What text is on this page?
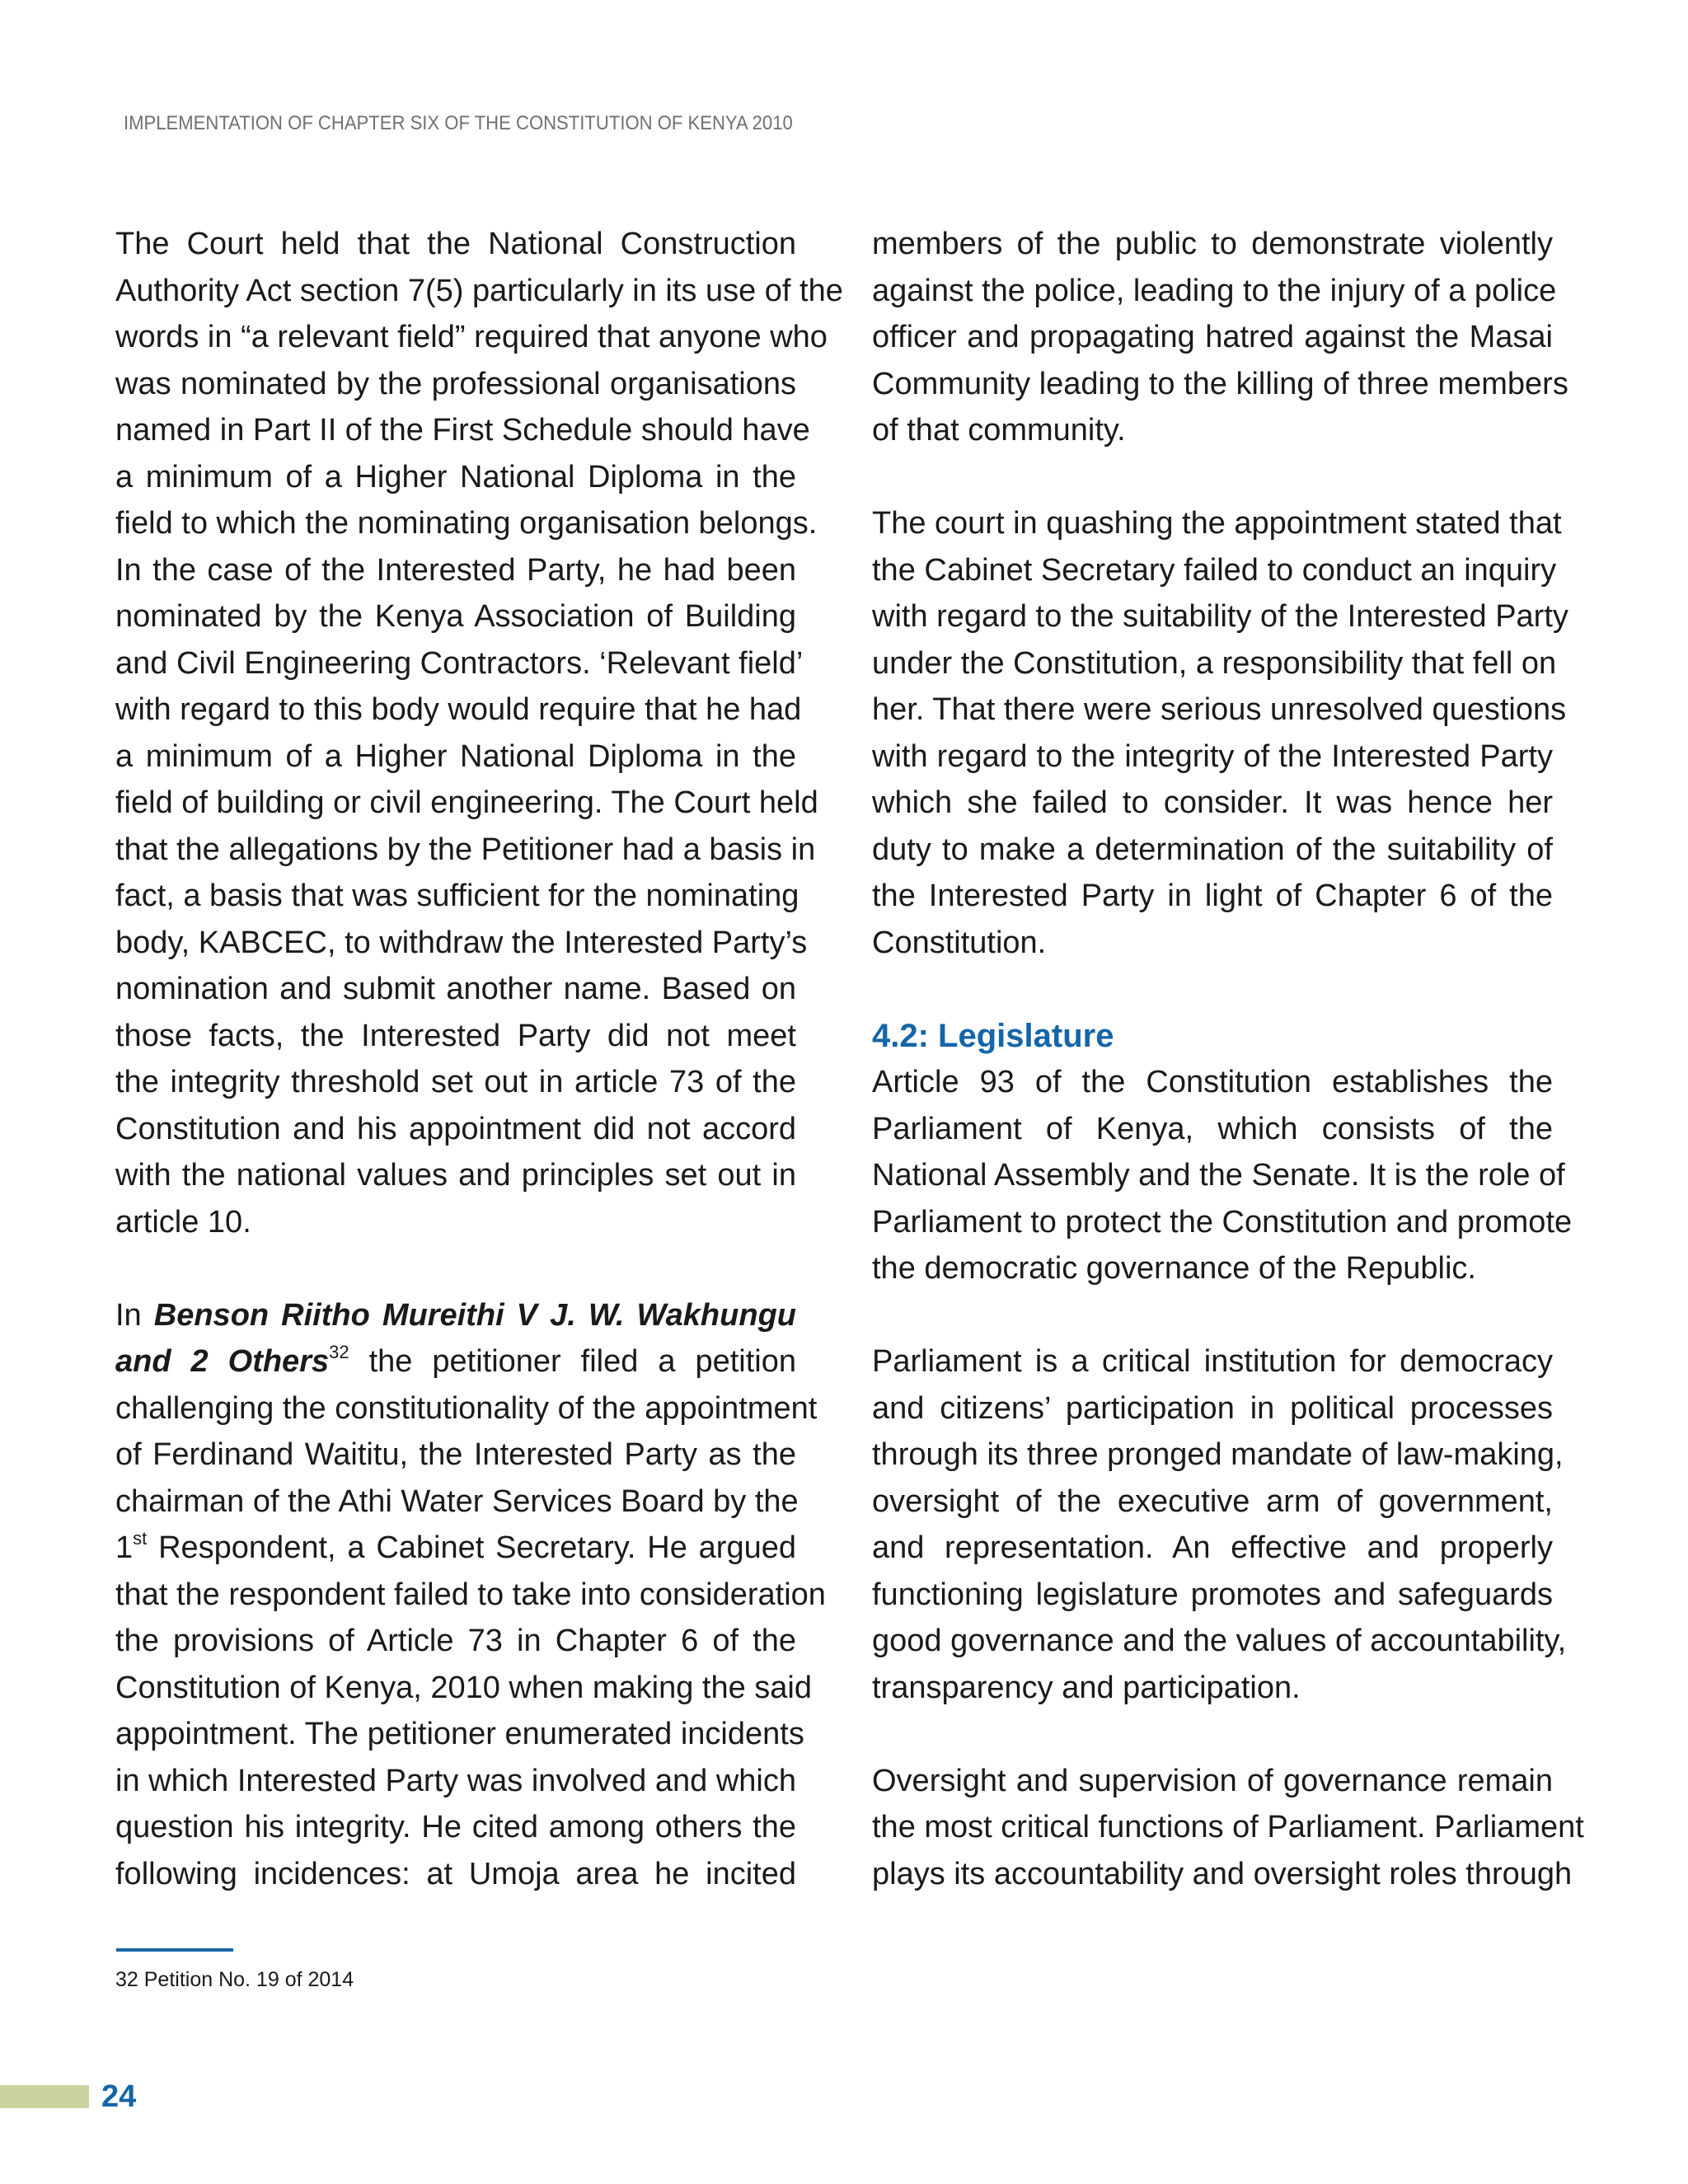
IMPLEMENTATION OF CHAPTER SIX OF THE CONSTITUTION OF KENYA 2010
The Court held that the National Construction
Authority Act section 7(5) particularly in its use of the
words in “a relevant field” required that anyone who
was nominated by the professional organisations
named in Part II of the First Schedule should have
a minimum of a Higher National Diploma in the
field to which the nominating organisation belongs.
In the case of the Interested Party, he had been
nominated by the Kenya Association of Building
and Civil Engineering Contractors. ‘Relevant field’
with regard to this body would require that he had
a minimum of a Higher National Diploma in the
field of building or civil engineering. The Court held
that the allegations by the Petitioner had a basis in
fact, a basis that was sufficient for the nominating
body, KABCEC, to withdraw the Interested Party’s
nomination and submit another name. Based on
those facts, the Interested Party did not meet
the integrity threshold set out in article 73 of the
Constitution and his appointment did not accord
with the national values and principles set out in
article 10.
In Benson Riitho Mureithi V J. W. Wakhungu
and 2 Others$^{32}$ the petitioner filed a petition
challenging the constitutionality of the appointment
of Ferdinand Waititu, the Interested Party as the
chairman of the Athi Water Services Board by the
1st Respondent, a Cabinet Secretary. He argued
that the respondent failed to take into consideration
the provisions of Article 73 in Chapter 6 of the
Constitution of Kenya, 2010 when making the said
appointment. The petitioner enumerated incidents
in which Interested Party was involved and which
question his integrity. He cited among others the
following incidences: at Umoja area he incited
members of the public to demonstrate violently
against the police, leading to the injury of a police
officer and propagating hatred against the Masai
Community leading to the killing of three members
of that community.
The court in quashing the appointment stated that
the Cabinet Secretary failed to conduct an inquiry
with regard to the suitability of the Interested Party
under the Constitution, a responsibility that fell on
her. That there were serious unresolved questions
with regard to the integrity of the Interested Party
which she failed to consider. It was hence her
duty to make a determination of the suitability of
the Interested Party in light of Chapter 6 of the
Constitution.
4.2: Legislature
Article 93 of the Constitution establishes the
Parliament of Kenya, which consists of the
National Assembly and the Senate. It is the role of
Parliament to protect the Constitution and promote
the democratic governance of the Republic.
Parliament is a critical institution for democracy
and citizens’ participation in political processes
through its three pronged mandate of law-making,
oversight of the executive arm of government,
and representation. An effective and properly
functioning legislature promotes and safeguards
good governance and the values of accountability,
transparency and participation.
Oversight and supervision of governance remain
the most critical functions of Parliament. Parliament
plays its accountability and oversight roles through
32 Petition No. 19 of 2014
24
